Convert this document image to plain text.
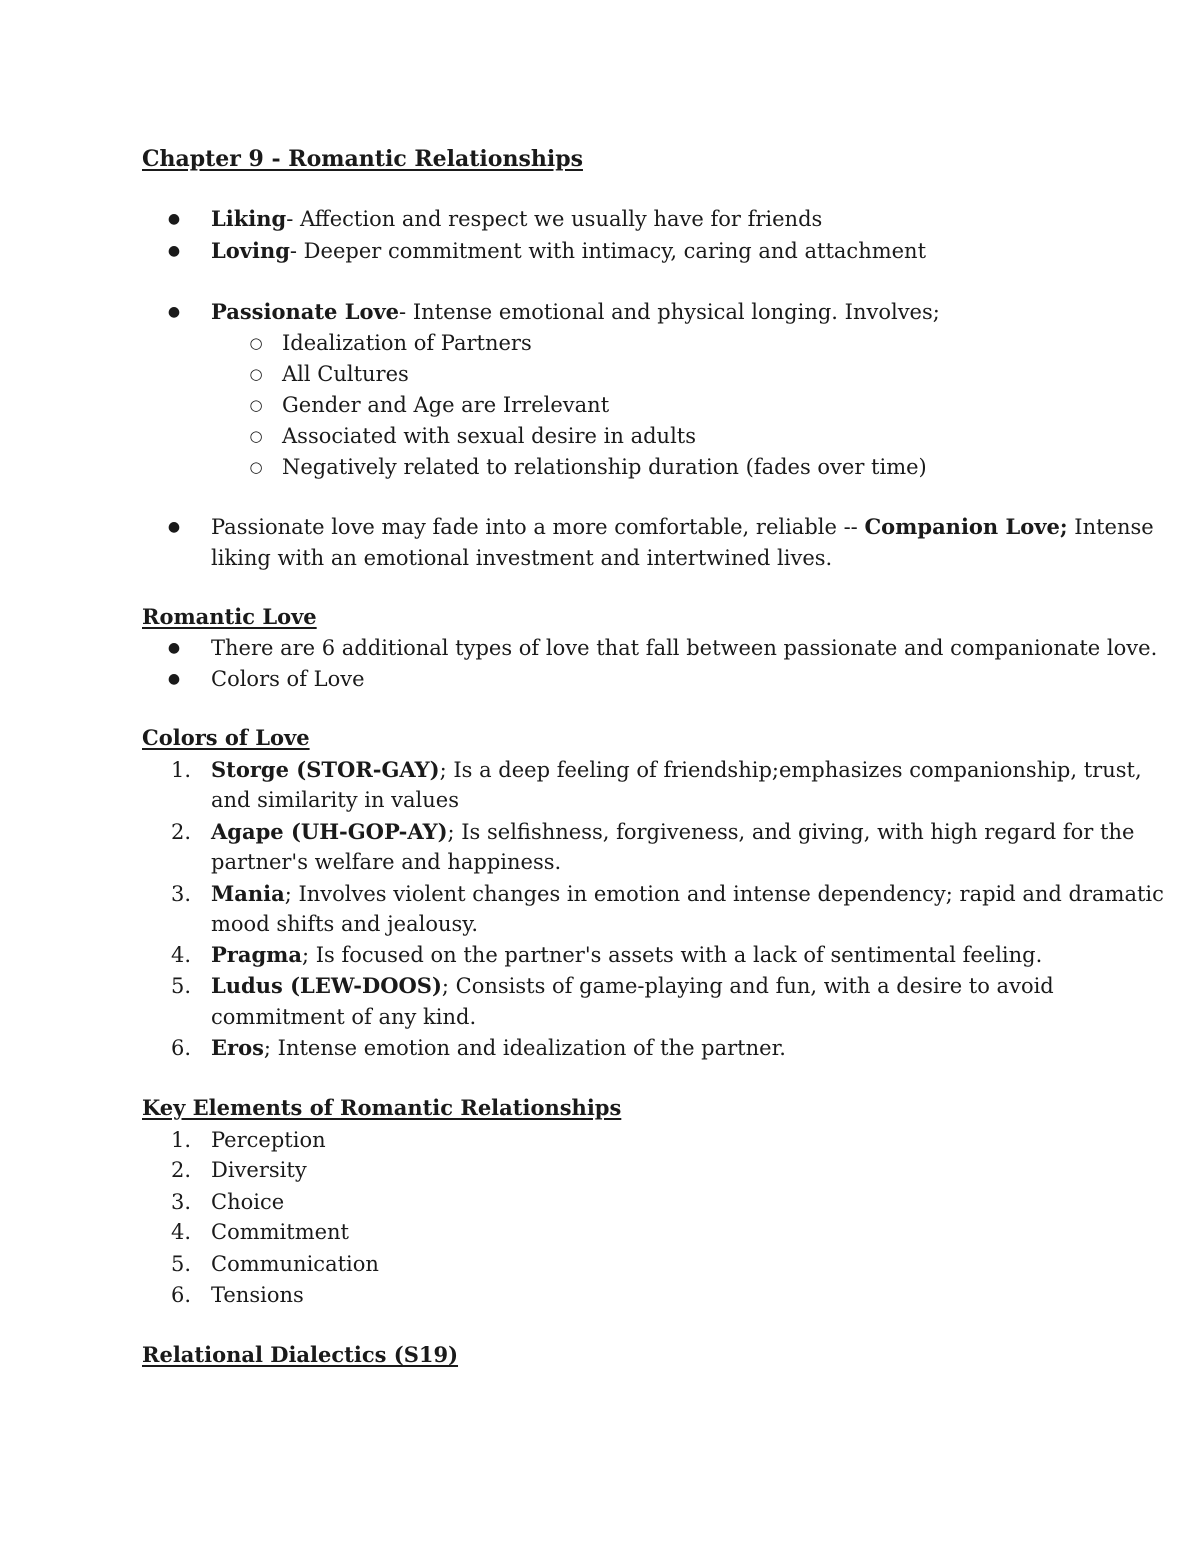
Chapter 9 - Romantic Relationships
● Liking- Affection and respect we usually have for friends
● Loving- Deeper commitment with intimacy, caring and attachment
● Passionate Love- Intense emotional and physical longing. Involves;
○ Idealization of Partners
○ All Cultures
○ Gender and Age are Irrelevant
○ Associated with sexual desire in adults
○ Negatively related to relationship duration (fades over time)
● Passionate love may fade into a more comfortable, reliable -- Companion Love; Intense
liking with an emotional investment and intertwined lives.
Romantic Love
● There are 6 additional types of love that fall between passionate and companionate love.
● Colors of Love
Colors of Love
1. Storge (STOR-GAY); Is a deep feeling of friendship;emphasizes companionship, trust,
and similarity in values
2. Agape (UH-GOP-AY); Is selfishness, forgiveness, and giving, with high regard for the
partner's welfare and happiness.
3. Mania; Involves violent changes in emotion and intense dependency; rapid and dramatic
mood shifts and jealousy.
4. Pragma; Is focused on the partner's assets with a lack of sentimental feeling.
5. Ludus (LEW-DOOS); Consists of game-playing and fun, with a desire to avoid
commitment of any kind.
6. Eros; Intense emotion and idealization of the partner.
Key Elements of Romantic Relationships
1. Perception
2. Diversity
3. Choice
4. Commitment
5. Communication
6. Tensions
Relational Dialectics (S19)
